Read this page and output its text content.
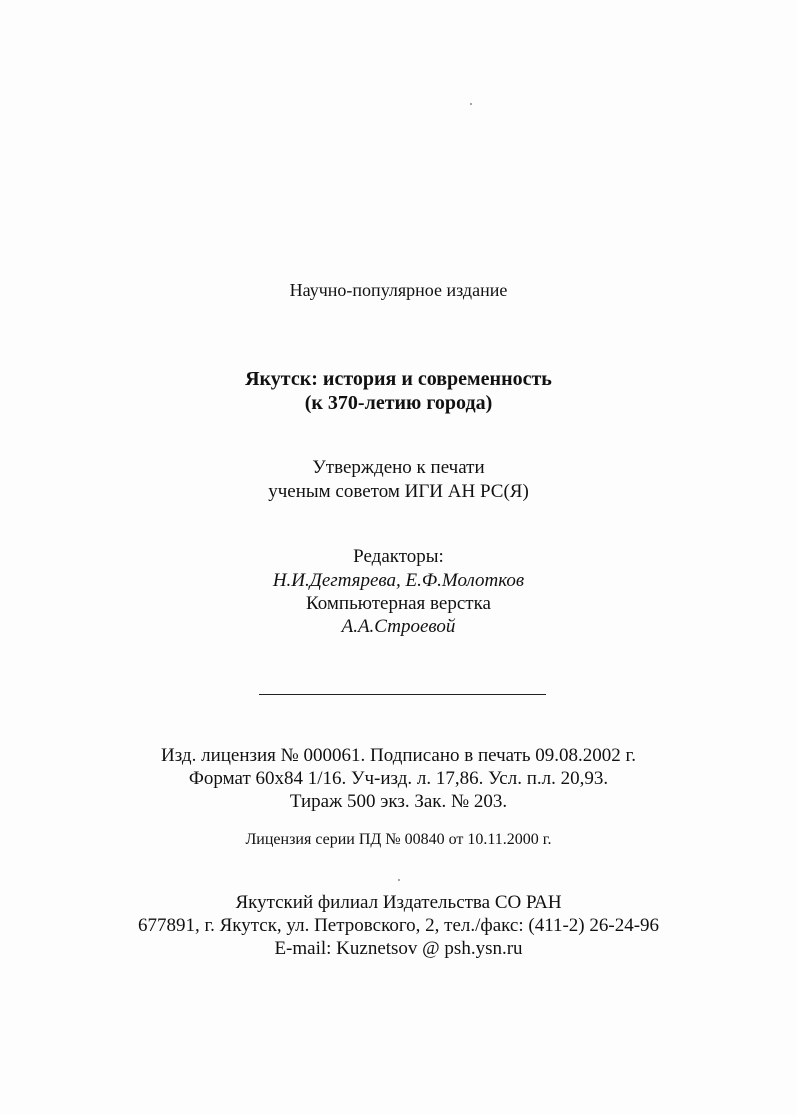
Научно-популярное издание
Якутск: история и современность
(к 370-летию города)
Утверждено к печати
ученым советом ИГИ АН РС(Я)
Редакторы:
Н.И.Дегтярева, Е.Ф.Молотков
Компьютерная верстка
А.А.Строевой
Изд. лицензия № 000061. Подписано в печать 09.08.2002 г.
Формат 60х84 1/16. Уч-изд. л. 17,86. Усл. п.л. 20,93.
Тираж 500 экз. Зак. № 203.
Лицензия серии ПД № 00840 от 10.11.2000 г.
Якутский филиал Издательства СО РАН
677891, г. Якутск, ул. Петровского, 2, тел./факс: (411-2) 26-24-96
E-mail: Kuznetsov @ psh.ysn.ru
